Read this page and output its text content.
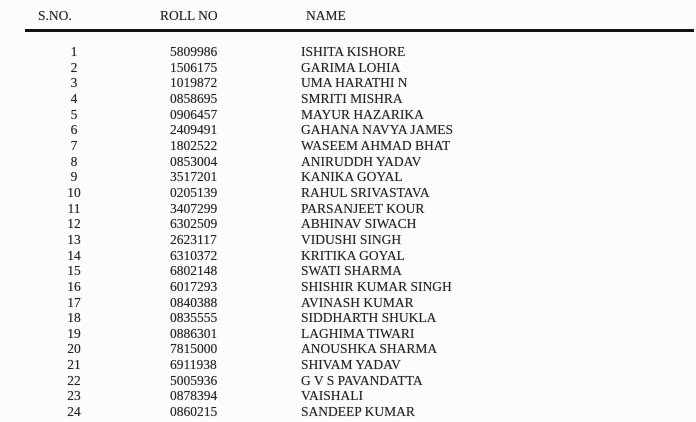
S.NO.	ROLL NO	NAME
1	5809986	ISHITA KISHORE
2	1506175	GARIMA LOHIA
3	1019872	UMA HARATHI N
4	0858695	SMRITI MISHRA
5	0906457	MAYUR HAZARIKA
6	2409491	GAHANA NAVYA JAMES
7	1802522	WASEEM AHMAD BHAT
8	0853004	ANIRUDDH YADAV
9	3517201	KANIKA GOYAL
10	0205139	RAHUL SRIVASTAVA
11	3407299	PARSANJEET KOUR
12	6302509	ABHINAV SIWACH
13	2623117	VIDUSHI SINGH
14	6310372	KRITIKA GOYAL
15	6802148	SWATI SHARMA
16	6017293	SHISHIR KUMAR SINGH
17	0840388	AVINASH KUMAR
18	0835555	SIDDHARTH SHUKLA
19	0886301	LAGHIMA TIWARI
20	7815000	ANOUSHKA SHARMA
21	6911938	SHIVAM YADAV
22	5005936	G V S PAVANDATTA
23	0878394	VAISHALI
24	0860215	SANDEEP KUMAR
